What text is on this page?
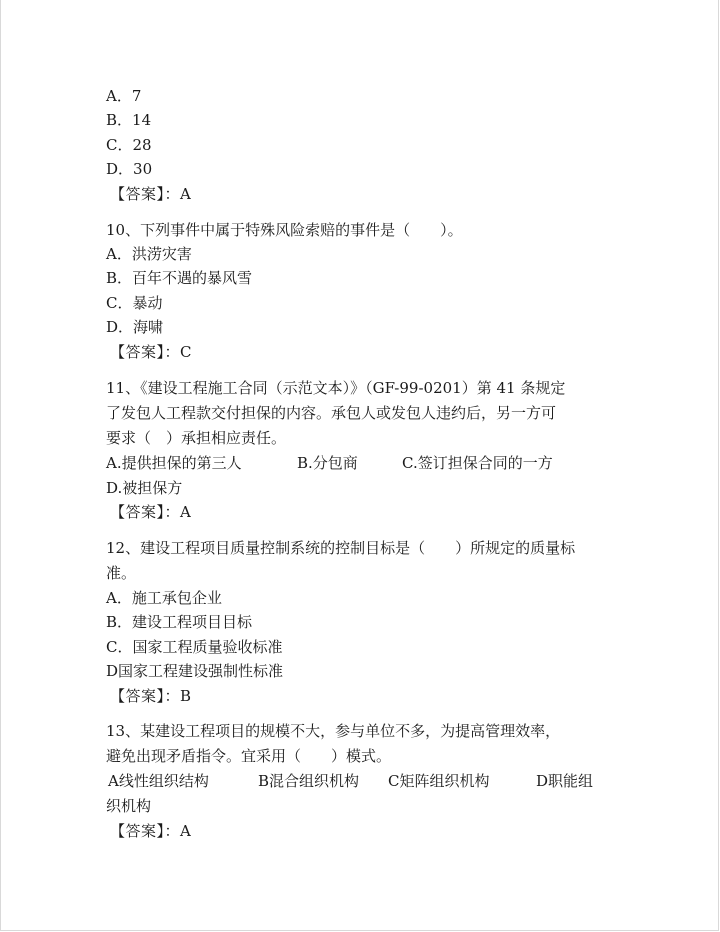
A．7
B．14
C．28
D．30
【答案】：A
10、下列事件中属于特殊风险索赔的事件是（　　）。
A．洪涝灾害
B．百年不遇的暴风雪
C．暴动
D．海啸
【答案】：C
11、《建设工程施工合同（示范文本）》（GF-99-0201）第 41 条规定
了发包人工程款交付担保的内容。承包人或发包人违约后，另一方可
要求（　）承担相应责任。
A.提供担保的第三人	B.分包商	C.签订担保合同的一方
D.被担保方
【答案】：A
12、建设工程项目质量控制系统的控制目标是（　　）所规定的质量标
准。
A．施工承包企业
B．建设工程项目目标
C．国家工程质量验收标准
D国家工程建设强制性标准
【答案】：B
13、某建设工程项目的规模不大，参与单位不多，为提高管理效率，
避免出现矛盾指令。宜采用（　　）模式。
A线性组织结构	B混合组织机构 C矩阵组织机构	D职能组
织机构
【答案】：A
